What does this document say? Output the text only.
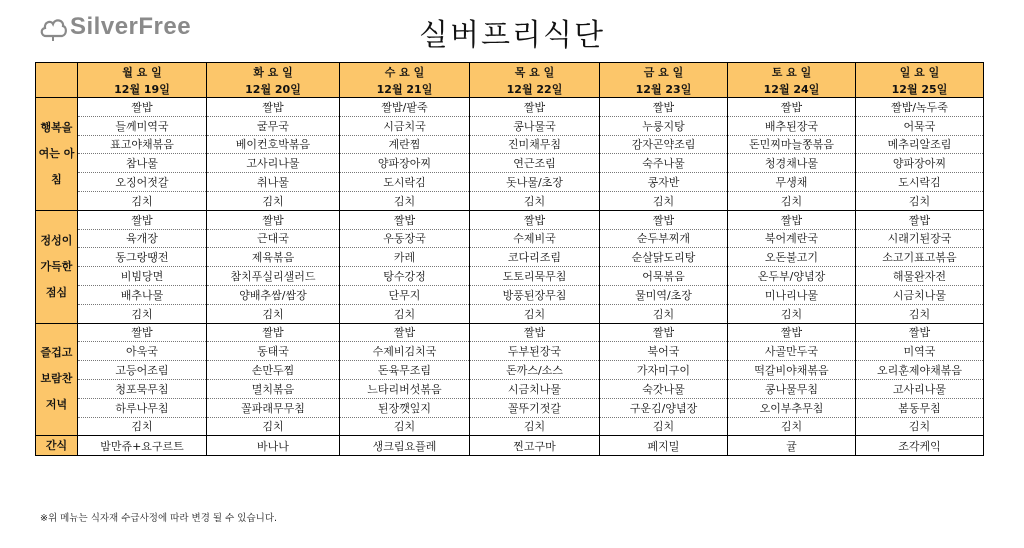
SilverFree	실버프리식단
	월 요 일	화 요 일	수 요 일	목 요 일	금 요 일	토 요 일	일 요 일
	12월 19일	12월 20일	12월 21일	12월 22일	12월 23일	12월 24일	12월 25일
행복을 여는 아침	짤밥	짤밥	짤밥/팥죽	짤밥	짤밥	짤밥	짤밥/녹두죽
	들께미역국	굴무국	시금치국	콩나물국	누룽지탕	배추된장국	어묵국
	표고야채볶음	베이컨호박볶음	계란찜	진미채무침	감자곤약조림	돈민찌마늘쫑볶음	메추리알조림
	참나물	고사리나물	양파장아찌	연근조림	숙주나물	청경채나물	양파장아찌
	오징어젓갈	취나물	도시락김	돗나물/초장	콩자반	무생채	도시락김
	김치	김치	김치	김치	김치	김치	김치
정성이 가득한 점심	짤밥	짤밥	짤밥	짤밥	짤밥	짤밥	짤밥
	육개장	근대국	우동장국	수제비국	순두부찌개	북어계란국	시래기된장국
	동그랑땡전	제육볶음	카레	코다리조림	순살닭도리탕	오돈불고기	소고기표고볶음
	비빔당면	참치푸실리샐러드	탕수강정	도토리묵무침	어묵볶음	온두부/양념장	해물완자전
	배추나물	양배추쌈/쌈장	단무지	방풍된장무침	물미역/초장	미나리나물	시금치나물
	김치	김치	김치	김치	김치	김치	김치
즐겁고 보람찬 저녁	짤밥	짤밥	짤밥	짤밥	짤밥	짤밥	짤밥
	아욱국	동태국	수제비김치국	두부된장국	북어국	사골만두국	미역국
	고등어조림	손만두찜	돈육무조림	돈까스/소스	가자미구이	떡갈비야채볶음	오리훈제야채볶음
	청포묵무침	멸치볶음	느타리버섯볶음	시금치나물	숙갓나물	콩나물무침	고사리나물
	하루나무침	꼴파래무무침	된장깻잎지	꼴뚜기젓갈	구운김/양념장	오이부추무침	봄동무침
	김치	김치	김치	김치	김치	김치	김치
간식	밤만쥬+요구르트	바나나	생크림요플레	찐고구마	페지밀	귤	조각케익
※위 메뉴는 식자재 수급사정에 따라 변경 될 수 있습니다.
